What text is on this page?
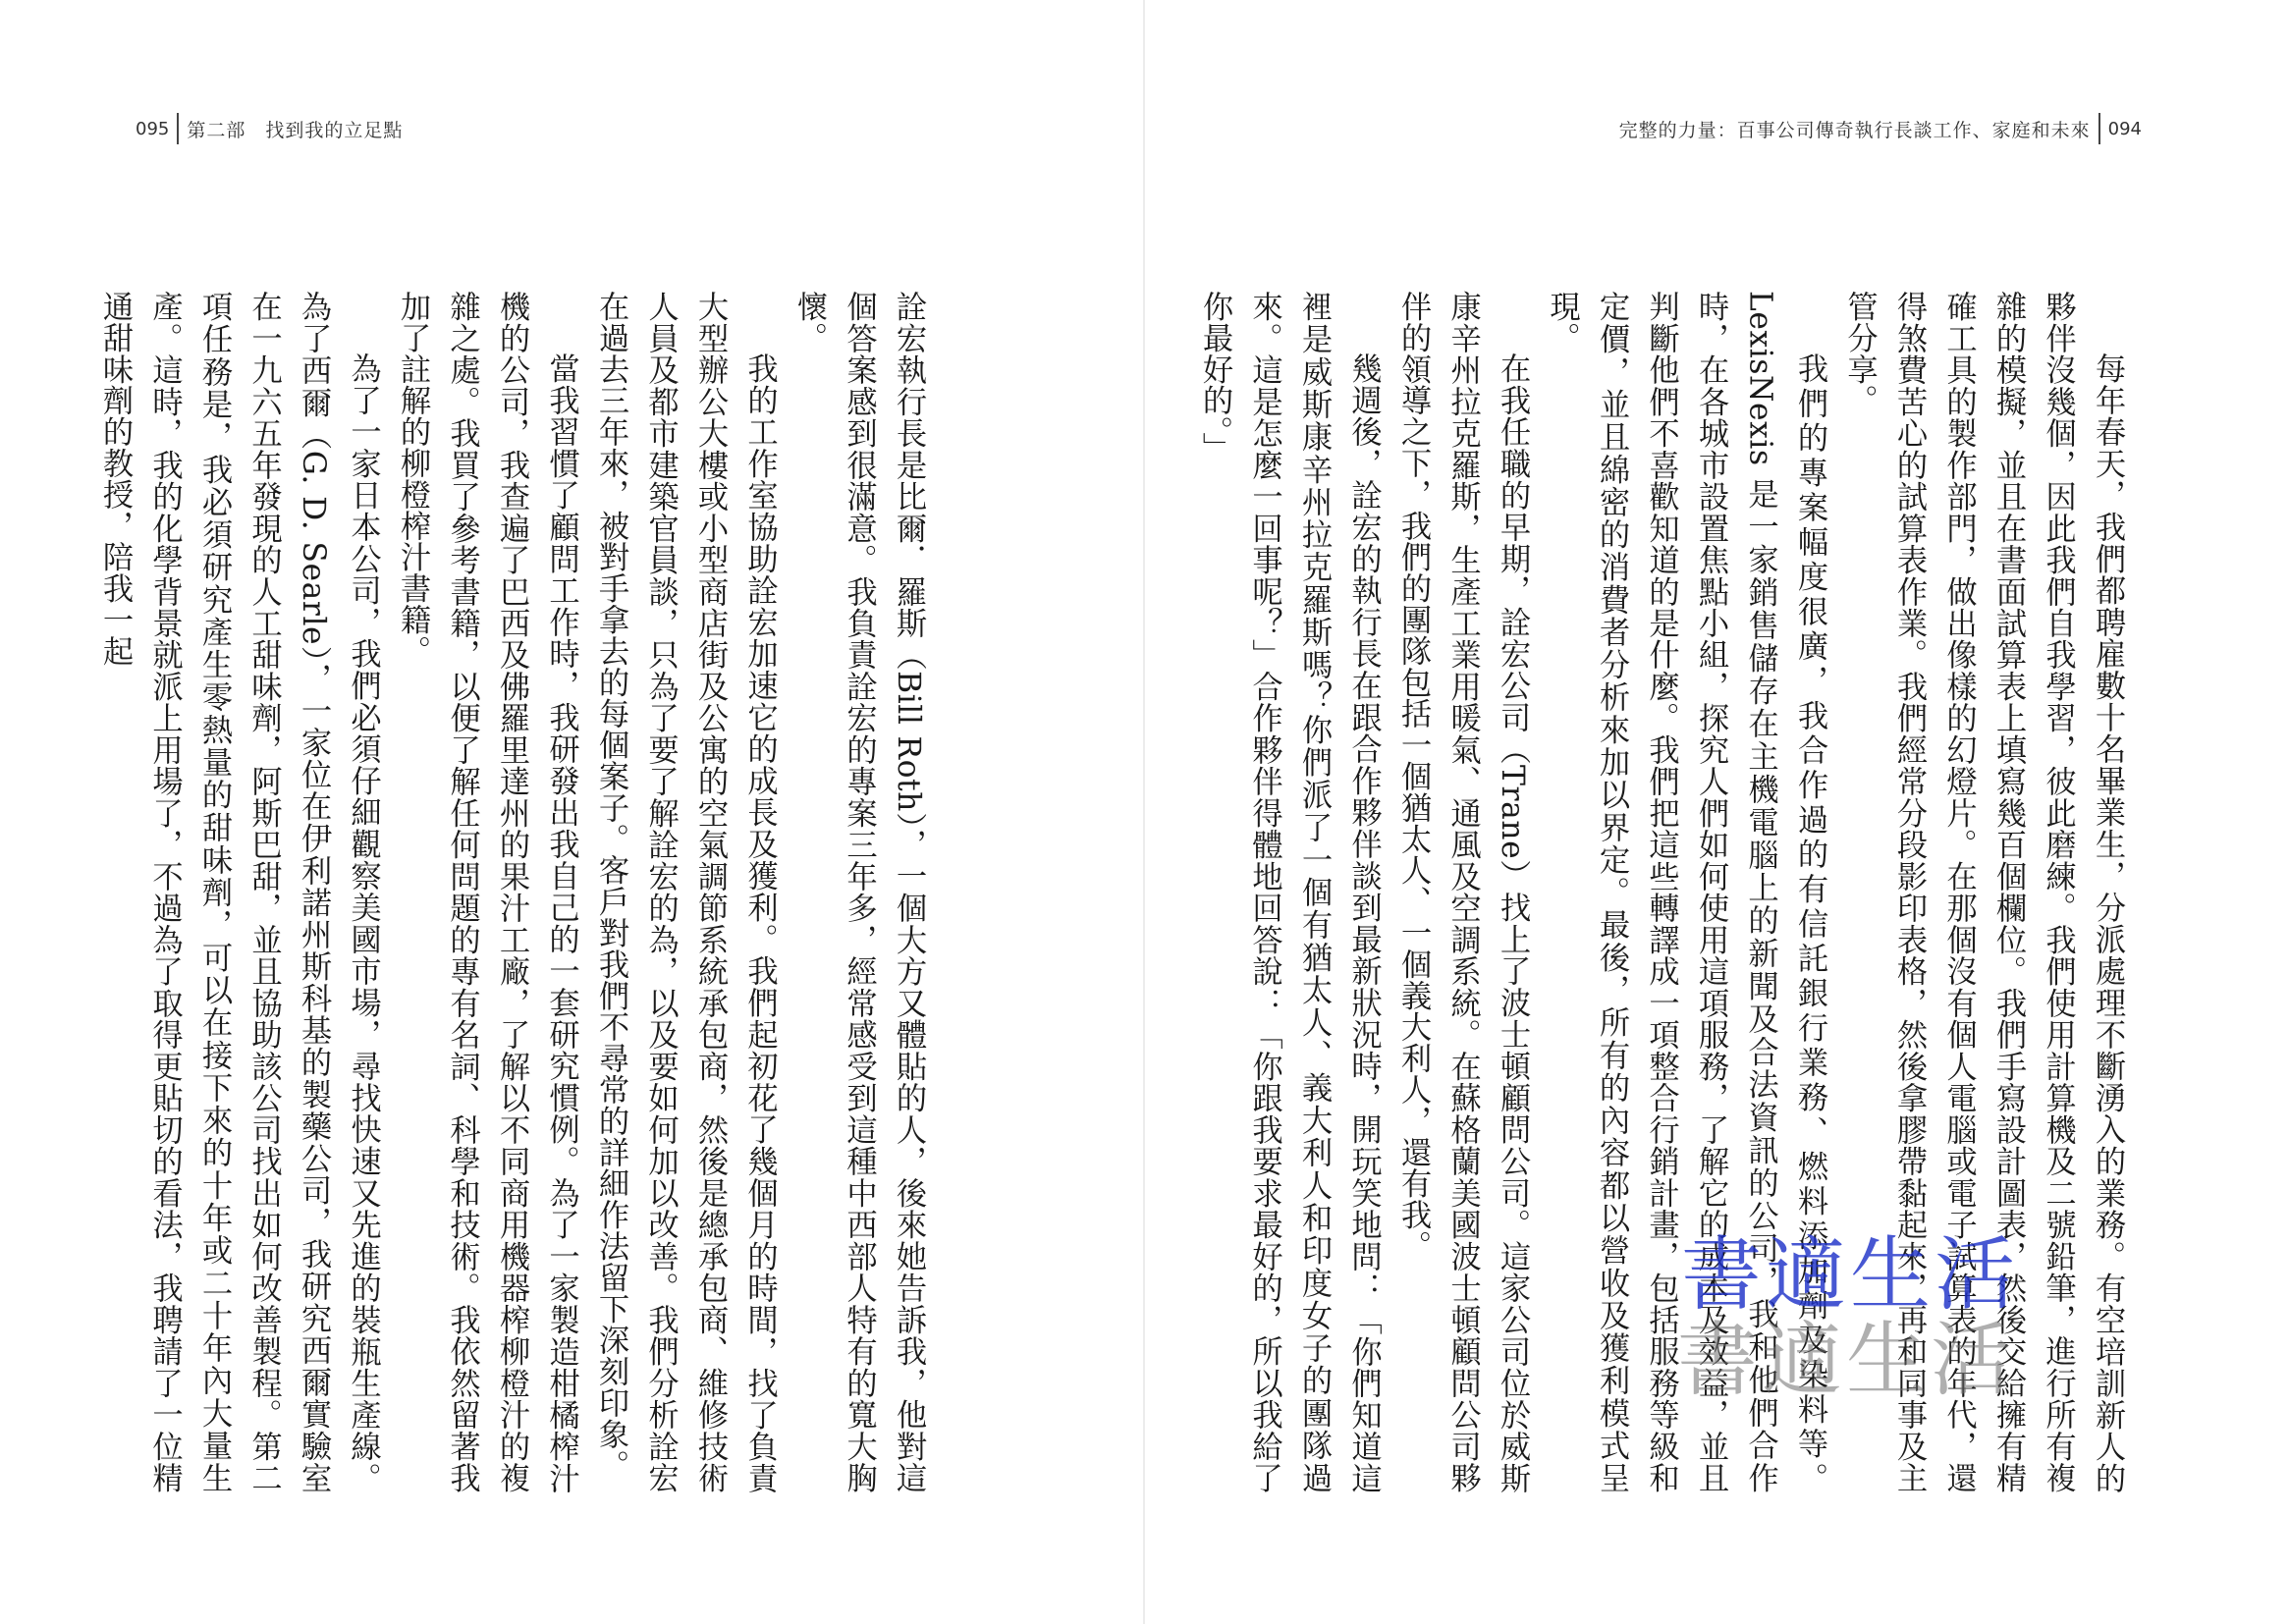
095 第二部　找到我的立足點

詮宏執行長是比爾．羅斯（Bill Roth），一個大方又體貼的人，後來她告訴我，他對這個答案感到很滿意。我負責詮宏的專案三年多，經常感受到這種中西部人特有的寬大胸懷。

我的工作室協助詮宏加速它的成長及獲利。我們起初花了幾個月的時間，找了負責大型辦公大樓或小型商店街及公寓的空氣調節系統承包商，然後是總承包商、維修技術人員及都市建築官員談，只為了要了解詮宏的為，以及要如何加以改善。我們分析詮宏在過去三年來，被對手拿去的每個案子。客戶對我們不尋常的詳細作法留下深刻印象。

當我習慣了顧問工作時，我研發出我自己的一套研究慣例。為了一家製造柑橘榨汁機的公司，我查遍了巴西及佛羅里達州的果汁工廠，了解以不同商用機器榨柳橙汁的複雜之處。我買了參考書籍，以便了解任何問題的專有名詞、科學和技術。我依然留著我加了註解的柳橙榨汁書籍。

為了一家日本公司，我們必須仔細觀察美國市場，尋找快速又先進的裝瓶生產線。為了西爾（G. D. Searle），一家位在伊利諾州斯科基的製藥公司，我研究西爾實驗室在一九六五年發現的人工甜味劑，阿斯巴甜，並且協助該公司找出如何改善製程。第二項任務是，我必須研究產生零熱量的甜味劑，可以在接下來的十年或二十年內大量生產。這時，我的化學背景就派上用場了，不過為了取得更貼切的看法，我聘請了一位精通甜味劑的教授，陪我一起

完整的力量：百事公司傳奇執行長談工作、家庭和未來 094

每年春天，我們都聘雇數十名畢業生，分派處理不斷湧入的業務。有空培訓新人的夥伴沒幾個，因此我們自我學習，彼此磨練。我們使用計算機及二號鉛筆，進行所有複雜的模擬，並且在書面試算表上填寫幾百個欄位。我們手寫設計圖表，然後交給擁有精確工具的製作部門，做出像樣的幻燈片。在那個沒有個人電腦或電子試算表的年代，還得煞費苦心的試算表作業。我們經常分段影印表格，然後拿膠帶黏起來，再和同事及主管分享。

我們的專案幅度很廣，我合作過的有信託銀行業務、燃料添加劑及染料等。LexisNexis 是一家銷售儲存在主機電腦上的新聞及合法資訊的公司，我和他們合作時，在各城市設置焦點小組，探究人們如何使用這項服務，了解它的成本及效益，並且判斷他們不喜歡知道的是什麼。我們把這些轉譯成一項整合行銷計畫，包括服務等級和定價，並且綿密的消費者分析來加以界定。最後，所有的內容都以營收及獲利模式呈現。

在我任職的早期，詮宏公司（Trane）找上了波士頓顧問公司。這家公司位於威斯康辛州拉克羅斯，生產工業用暖氣、通風及空調系統。在蘇格蘭美國波士頓顧問公司夥伴的領導之下，我們的團隊包括一個猶太人、一個義大利人，還有我。

幾週後，詮宏的執行長在跟合作夥伴談到最新狀況時，開玩笑地問：「你們知道這裡是威斯康辛州拉克羅斯嗎？你們派了一個有猶太人、義大利人和印度女子的團隊過來。這是怎麼一回事呢？」合作夥伴得體地回答說：「你跟我要求最好的，所以我給了你最好的。」

書適生活
書適生活
